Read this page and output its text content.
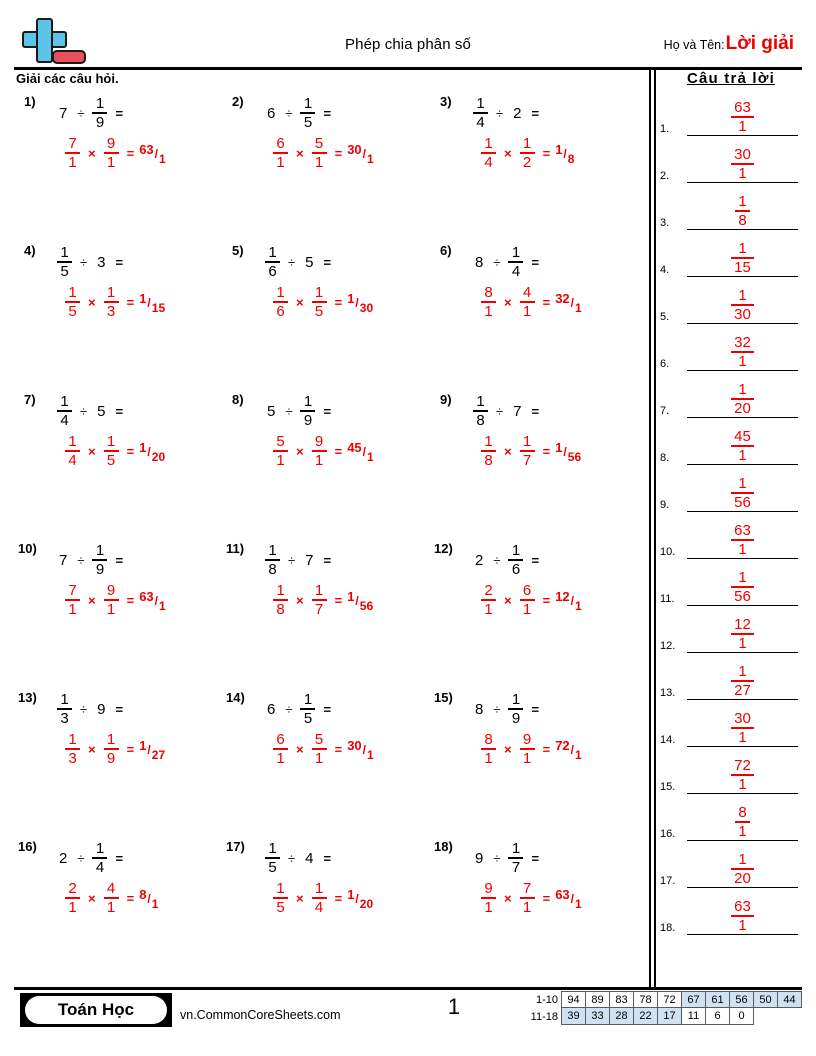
Phép chia phân số	Họ và Tên: Lời giải
Giải các câu hỏi.
1)
$7 \div \frac{1}{9}$ =
$\frac{7}{1} \times \frac{9}{1} = 63/1$
2)
$6 \div \frac{1}{5}$ =
$\frac{6}{1} \times \frac{5}{1} = 30/1$
$3) \frac{1}{4} \div 2$ =
$\frac{1}{4} \times \frac{1}{2} = 1/8$
$4) \frac{1}{5} \div 3$ =
$\frac{1}{5} \times \frac{1}{3} = 1/15$
$5) \frac{1}{6} \div 5$ =
$\frac{1}{6} \times \frac{1}{5} = 1/30$
6)
$8 \div \frac{1}{4}$ =
$\frac{8}{1} \times \frac{4}{1} = 32/1$
$7) \frac{1}{4} \div 5$ =
$\frac{1}{4} \times \frac{1}{5} = 1/20$
8)
$5 \div \frac{1}{9}$ =
$\frac{5}{1} \times \frac{9}{1} = 45/1$
$9) \frac{1}{8} \div 7$ =
$\frac{1}{8} \times \frac{1}{7} = 1/56$
10)
$7 \div \frac{1}{9}$ =
$\frac{7}{1} \times \frac{9}{1} = 63/1$
$11) \frac{1}{8} \div 7$ =
$\frac{1}{8} \times \frac{1}{7} = 1/56$
12)
$2 \div \frac{1}{6}$ =
$\frac{2}{1} \times \frac{6}{1} = 12/1$
$13) \frac{1}{3} \div 9$ =
$\frac{1}{3} \times \frac{1}{9} = 1/27$
14)
$6 \div \frac{1}{5}$ =
$\frac{6}{1} \times \frac{5}{1} = 30/1$
15)
$8 \div \frac{1}{9}$ =
$\frac{8}{1} \times \frac{9}{1} = 72/1$
16)
$2 \div \frac{1}{4}$ =
$\frac{2}{1} \times \frac{4}{1} = 8/1$
$17) \frac{1}{5} \div 4$ =
$\frac{1}{5} \times \frac{1}{4} = 1/20$
18)
$9 \div \frac{1}{7}$ =
$\frac{9}{1} \times \frac{7}{1} = 63/1$
Câu trả lời
1.	$\frac{63}{1}$
2.	$\frac{30}{1}$
3.	$\frac{1}{8}$
4.	$\frac{1}{15}$
5.	$\frac{1}{30}$
6.	$\frac{32}{1}$
7.	$\frac{1}{20}$
8.	$\frac{45}{1}$
9.	$\frac{1}{56}$
10.	$\frac{63}{1}$
11.	$\frac{1}{56}$
12.	$\frac{12}{1}$
13.	$\frac{1}{27}$
14.	$\frac{30}{1}$
15.	$\frac{72}{1}$
16.	$\frac{8}{1}$
17.	$\frac{1}{20}$
18.	$\frac{63}{1}$
Toán Học	vn.CommonCoreSheets.com	1	1-10 94	89	83	78	72	67	61	56	50	44
11-18 39	33	28	22	17	11	6	0
